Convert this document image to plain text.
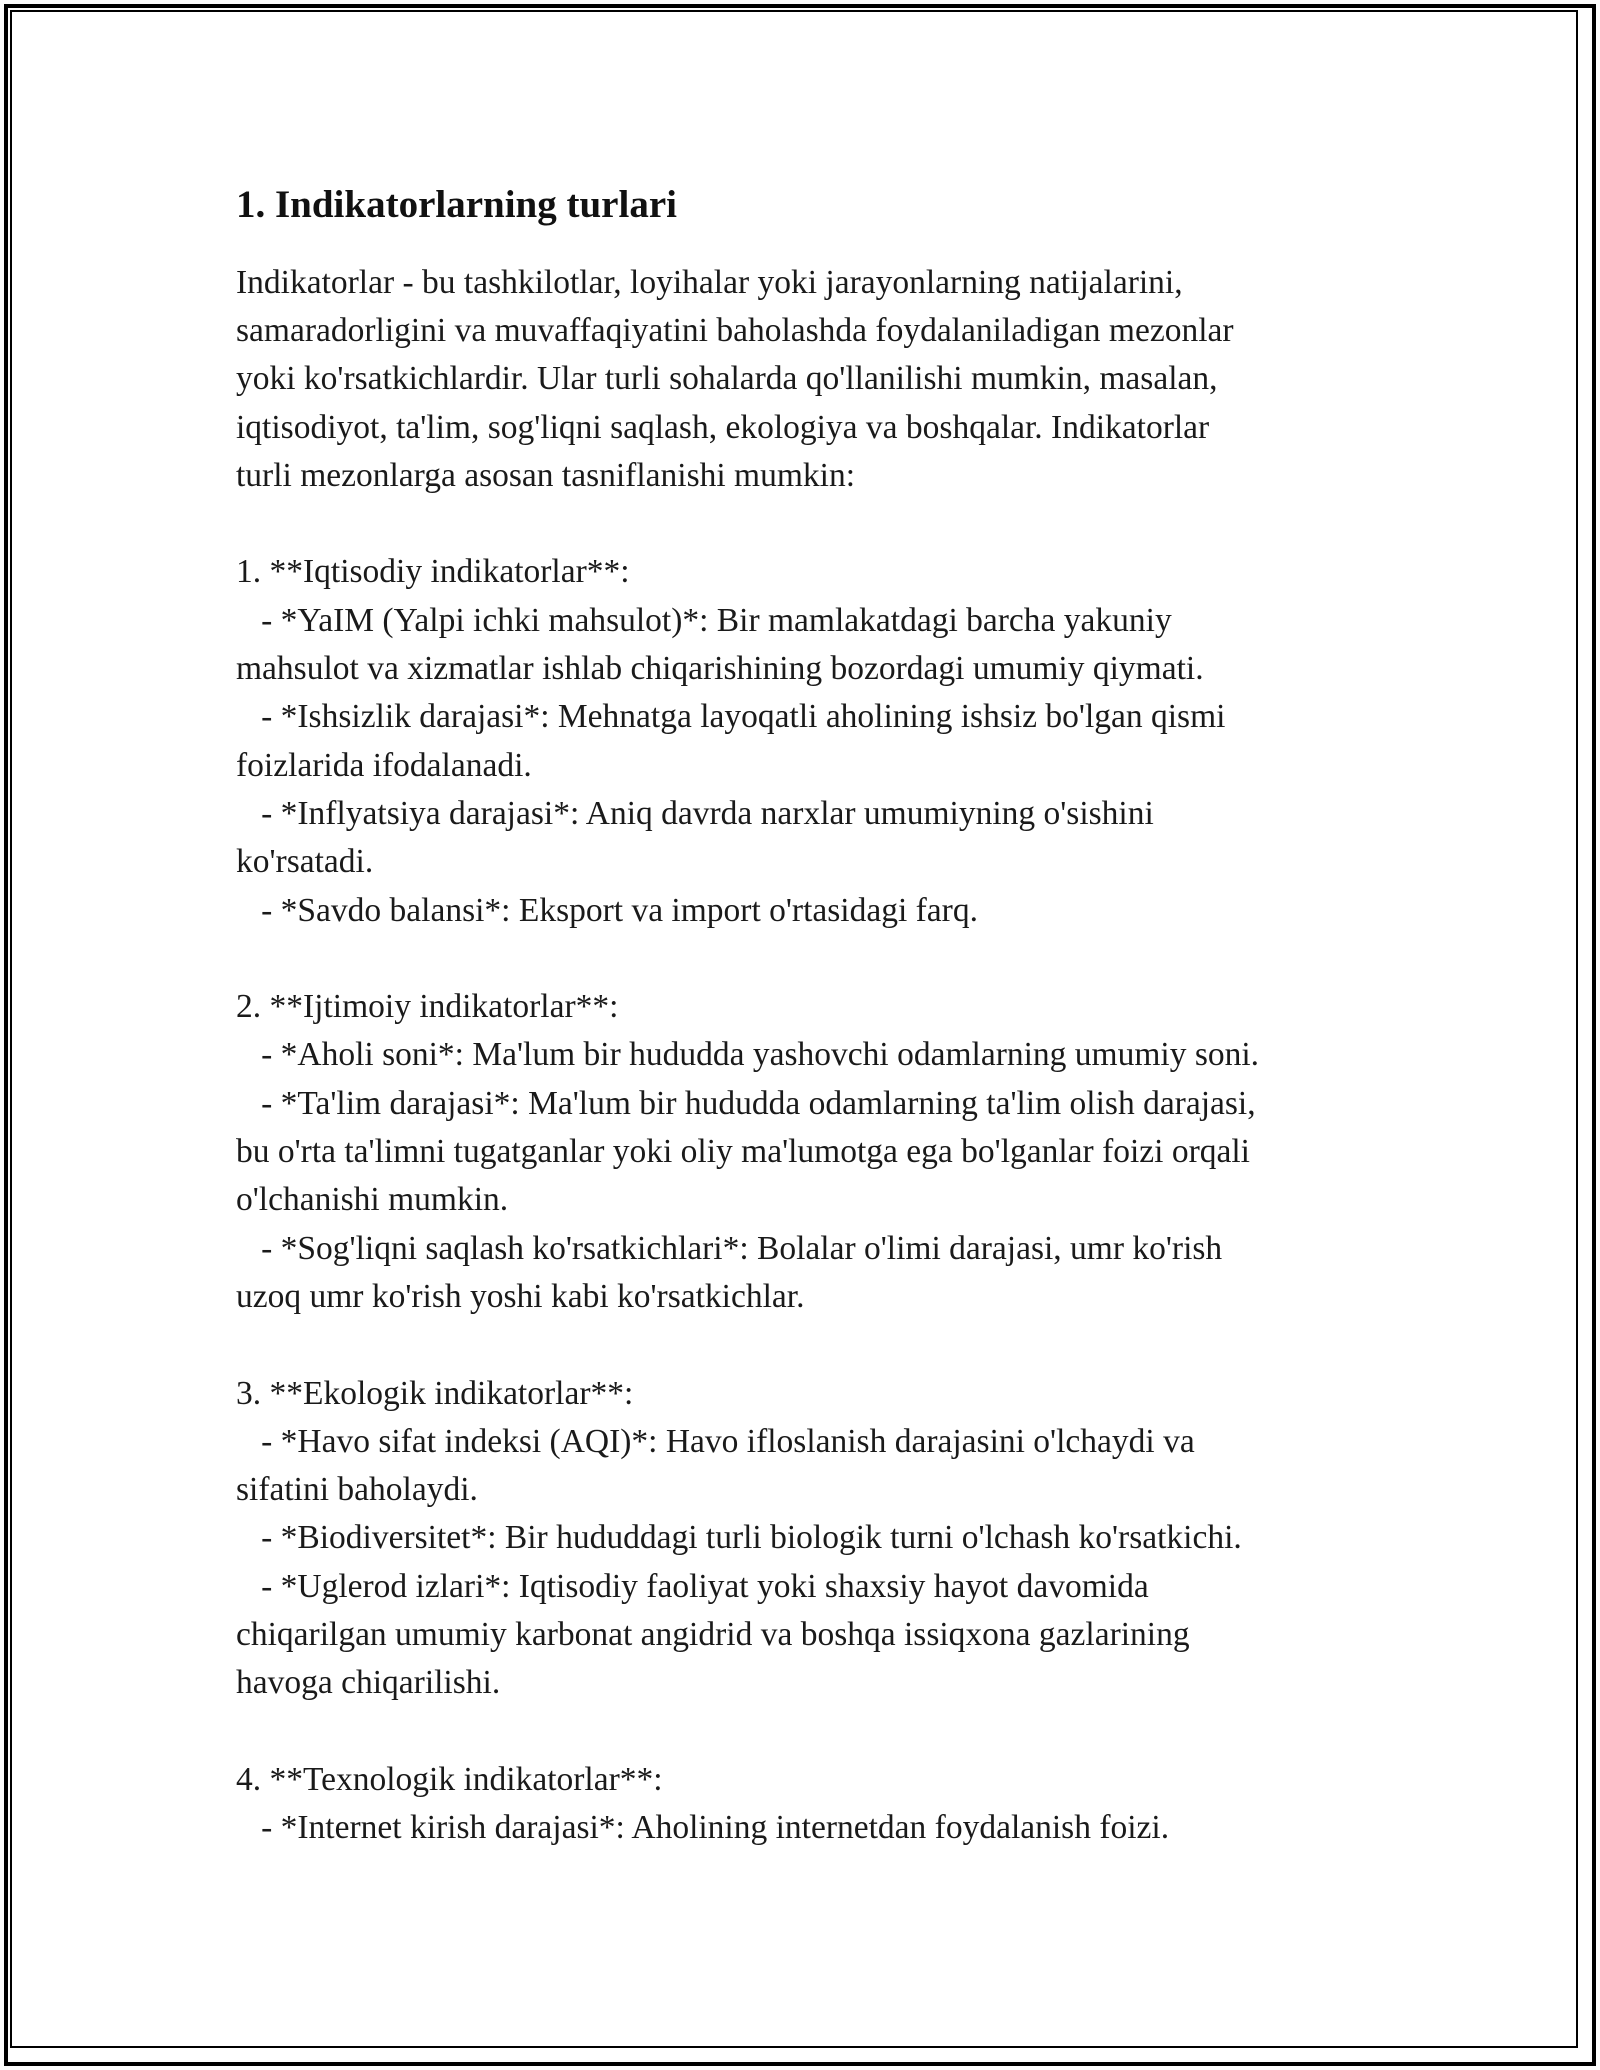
1. Indikatorlarning turlari

Indikatorlar - bu tashkilotlar, loyihalar yoki jarayonlarning natijalarini,
samaradorligini va muvaffaqiyatini baholashda foydalaniladigan mezonlar
yoki ko'rsatkichlardir. Ular turli sohalarda qo'llanilishi mumkin, masalan,
iqtisodiyot, ta'lim, sog'liqni saqlash, ekologiya va boshqalar. Indikatorlar
turli mezonlarga asosan tasniflanishi mumkin:

1. **Iqtisodiy indikatorlar**:

- *YaIM (Yalpi ichki mahsulot)*: Bir mamlakatdagi barcha yakuniy
mahsulot va xizmatlar ishlab chiqarishining bozordagi umumiy qiymati.

- *Ishsizlik darajasi*: Mehnatga layoqatli aholining ishsiz bo'lgan qismi
foizlarida ifodalanadi.

- *Inflyatsiya darajasi*: Aniq davrda narxlar umumiyning o'sishini
ko'rsatadi.

- *Savdo balansi*: Eksport va import o'rtasidagi farq.

2. **Ijtimoiy indikatorlar**:

- *Aholi soni*: Ma'lum bir hududda yashovchi odamlarning umumiy soni.

- *Ta'lim darajasi*: Ma'lum bir hududda odamlarning ta'lim olish darajasi,
bu o'rta ta'limni tugatganlar yoki oliy ma'lumotga ega bo'lganlar foizi orqali
o'lchanishi mumkin.

- *Sog'liqni saqlash ko'rsatkichlari*: Bolalar o'limi darajasi, umr ko'rish
uzoq umr ko'rish yoshi kabi ko'rsatkichlar.

3. **Ekologik indikatorlar**:

- *Havo sifat indeksi (AQI)*: Havo ifloslanish darajasini o'lchaydi va
sifatini baholaydi.

- *Biodiversitet*: Bir hududdagi turli biologik turni o'lchash ko'rsatkichi.

- *Uglerod izlari*: Iqtisodiy faoliyat yoki shaxsiy hayot davomida
chiqarilgan umumiy karbonat angidrid va boshqa issiqxona gazlarining
havoga chiqarilishi.

4. **Texnologik indikatorlar**:

- *Internet kirish darajasi*: Aholining internetdan foydalanish foizi.
